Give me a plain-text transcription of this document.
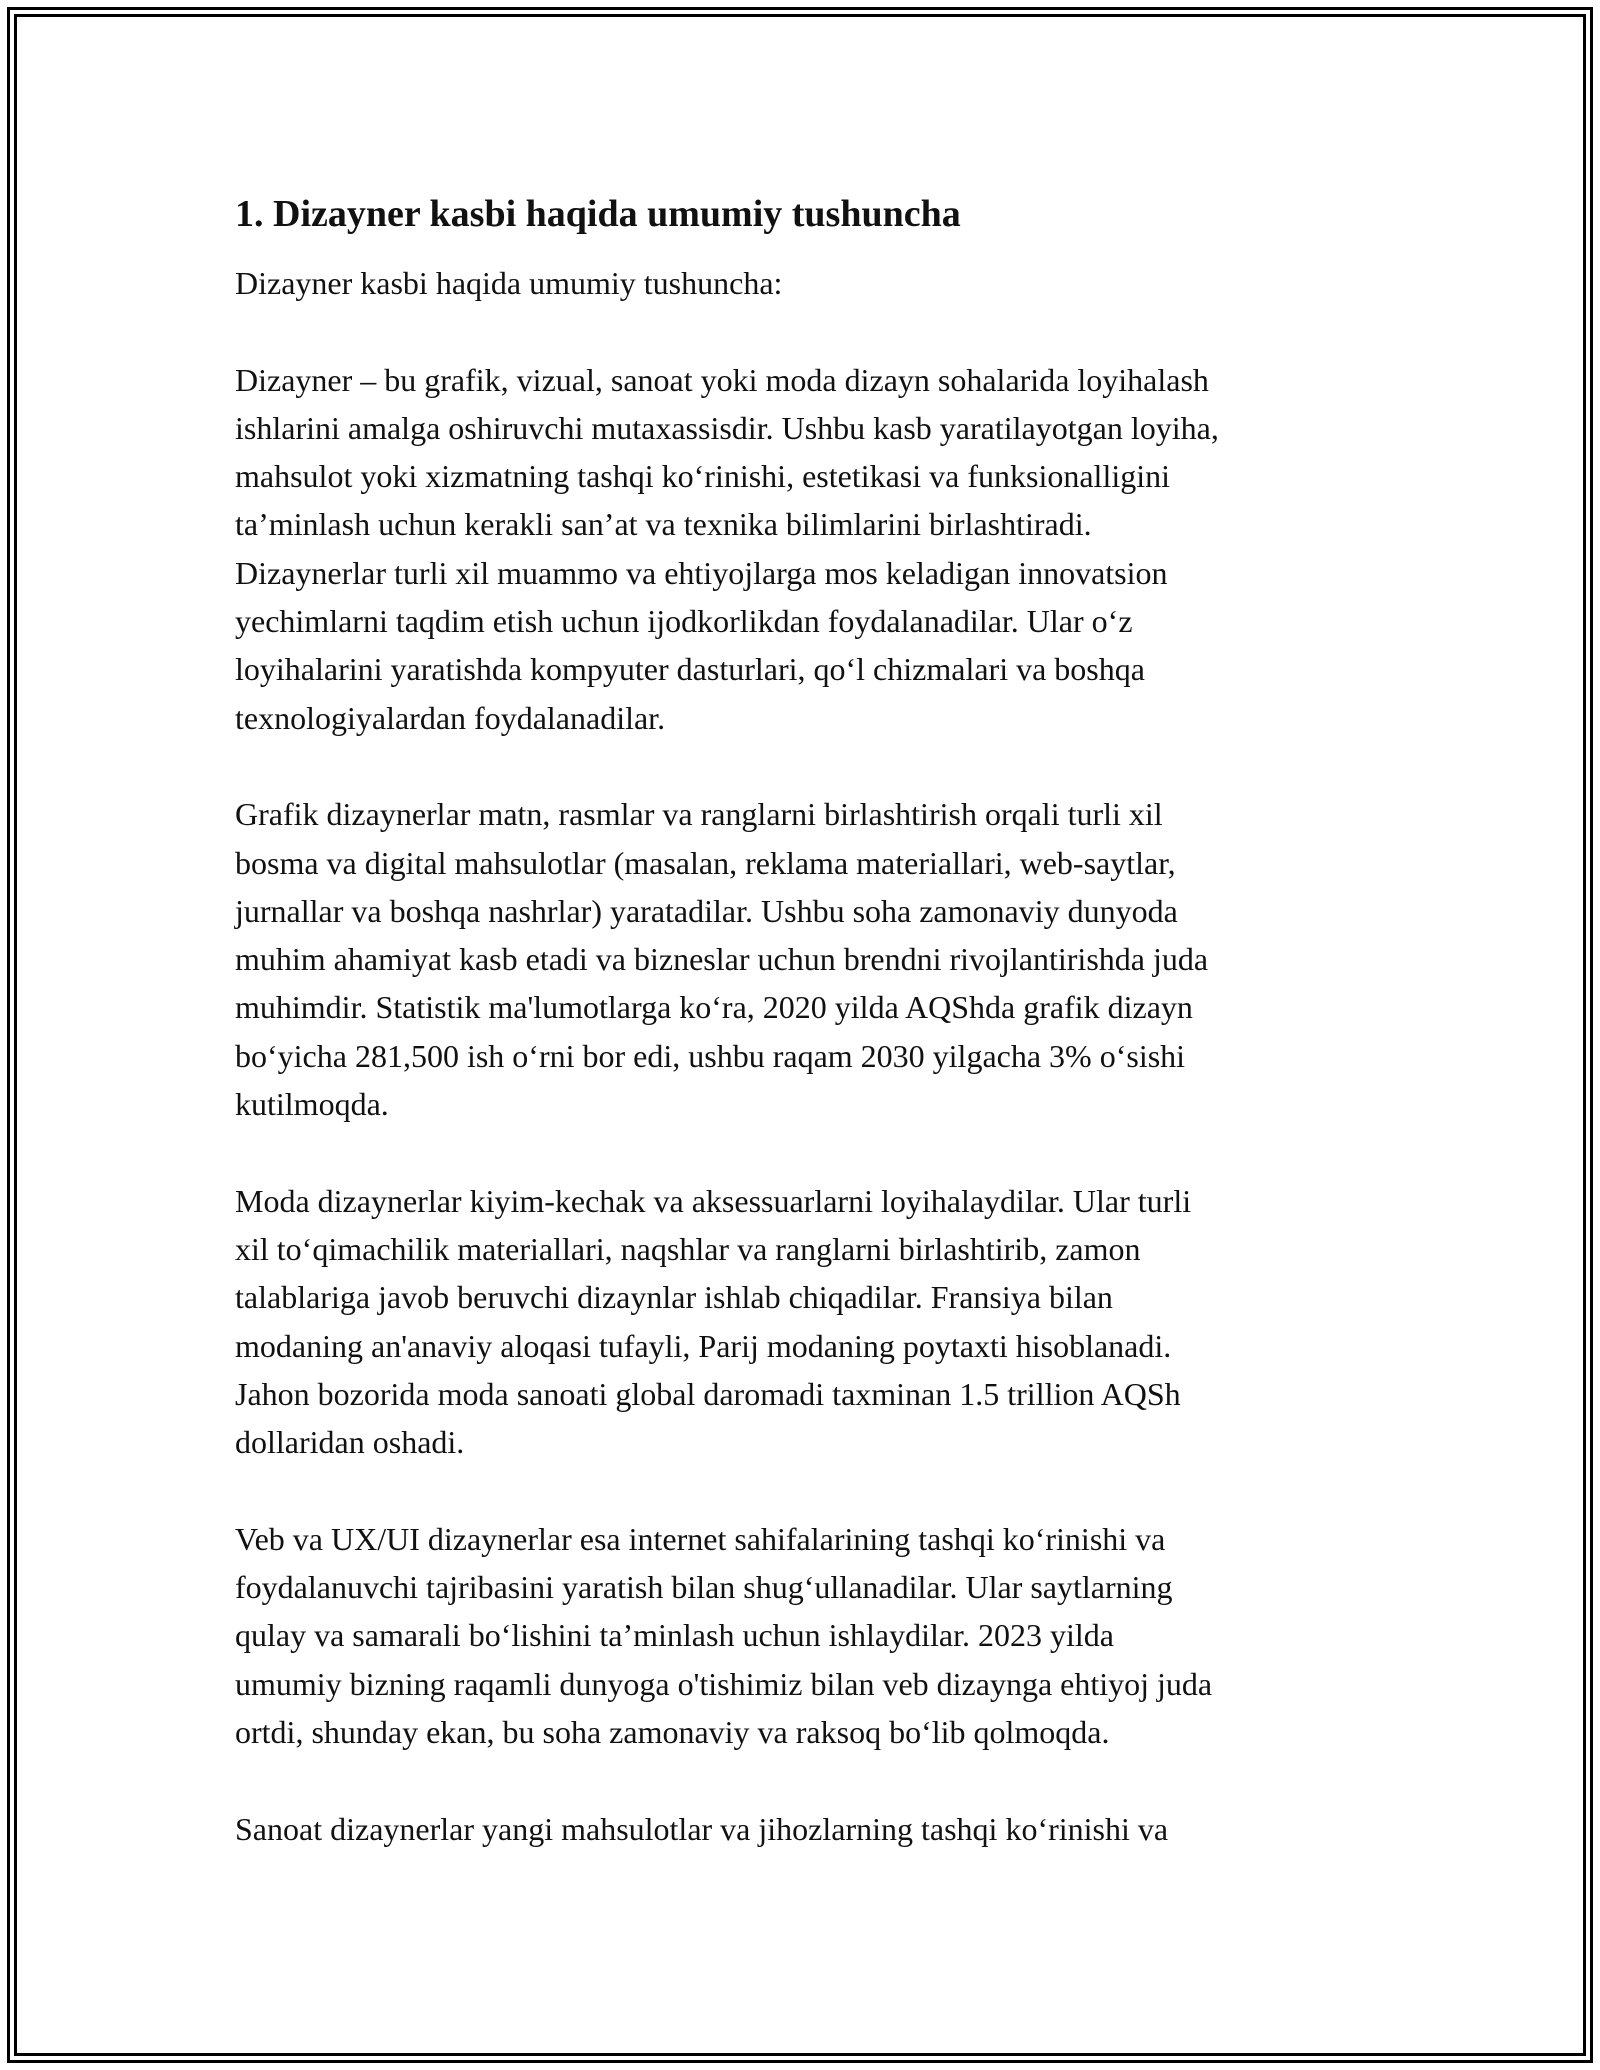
1. Dizayner kasbi haqida umumiy tushuncha

Dizayner kasbi haqida umumiy tushuncha:

Dizayner – bu grafik, vizual, sanoat yoki moda dizayn sohalarida loyihalash
ishlarini amalga oshiruvchi mutaxassisdir. Ushbu kasb yaratilayotgan loyiha,
mahsulot yoki xizmatning tashqi koʻrinishi, estetikasi va funksionalligini
taʼminlash uchun kerakli sanʼat va texnika bilimlarini birlashtiradi.
Dizaynerlar turli xil muammo va ehtiyojlarga mos keladigan innovatsion
yechimlarni taqdim etish uchun ijodkorlikdan foydalanadilar. Ular oʻz
loyihalarini yaratishda kompyuter dasturlari, qoʻl chizmalari va boshqa
texnologiyalardan foydalanadilar.

Grafik dizaynerlar matn, rasmlar va ranglarni birlashtirish orqali turli xil
bosma va digital mahsulotlar (masalan, reklama materiallari, web-saytlar,
jurnallar va boshqa nashrlar) yaratadilar. Ushbu soha zamonaviy dunyoda
muhim ahamiyat kasb etadi va bizneslar uchun brendni rivojlantirishda juda
muhimdir. Statistik ma'lumotlarga koʻra, 2020 yilda AQShda grafik dizayn
boʻyicha 281,500 ish oʻrni bor edi, ushbu raqam 2030 yilgacha 3% oʻsishi
kutilmoqda.

Moda dizaynerlar kiyim-kechak va aksessuarlarni loyihalaydilar. Ular turli
xil toʻqimachilik materiallari, naqshlar va ranglarni birlashtirib, zamon
talablariga javob beruvchi dizaynlar ishlab chiqadilar. Fransiya bilan
modaning an'anaviy aloqasi tufayli, Parij modaning poytaxti hisoblanadi.
Jahon bozorida moda sanoati global daromadi taxminan 1.5 trillion AQSh
dollaridan oshadi.

Veb va UX/UI dizaynerlar esa internet sahifalarining tashqi koʻrinishi va
foydalanuvchi tajribasini yaratish bilan shugʻullanadilar. Ular saytlarning
qulay va samarali boʻlishini taʼminlash uchun ishlaydilar. 2023 yilda
umumiy bizning raqamli dunyoga o'tishimiz bilan veb dizaynga ehtiyoj juda
ortdi, shunday ekan, bu soha zamonaviy va raksoq boʻlib qolmoqda.

Sanoat dizaynerlar yangi mahsulotlar va jihozlarning tashqi koʻrinishi va
